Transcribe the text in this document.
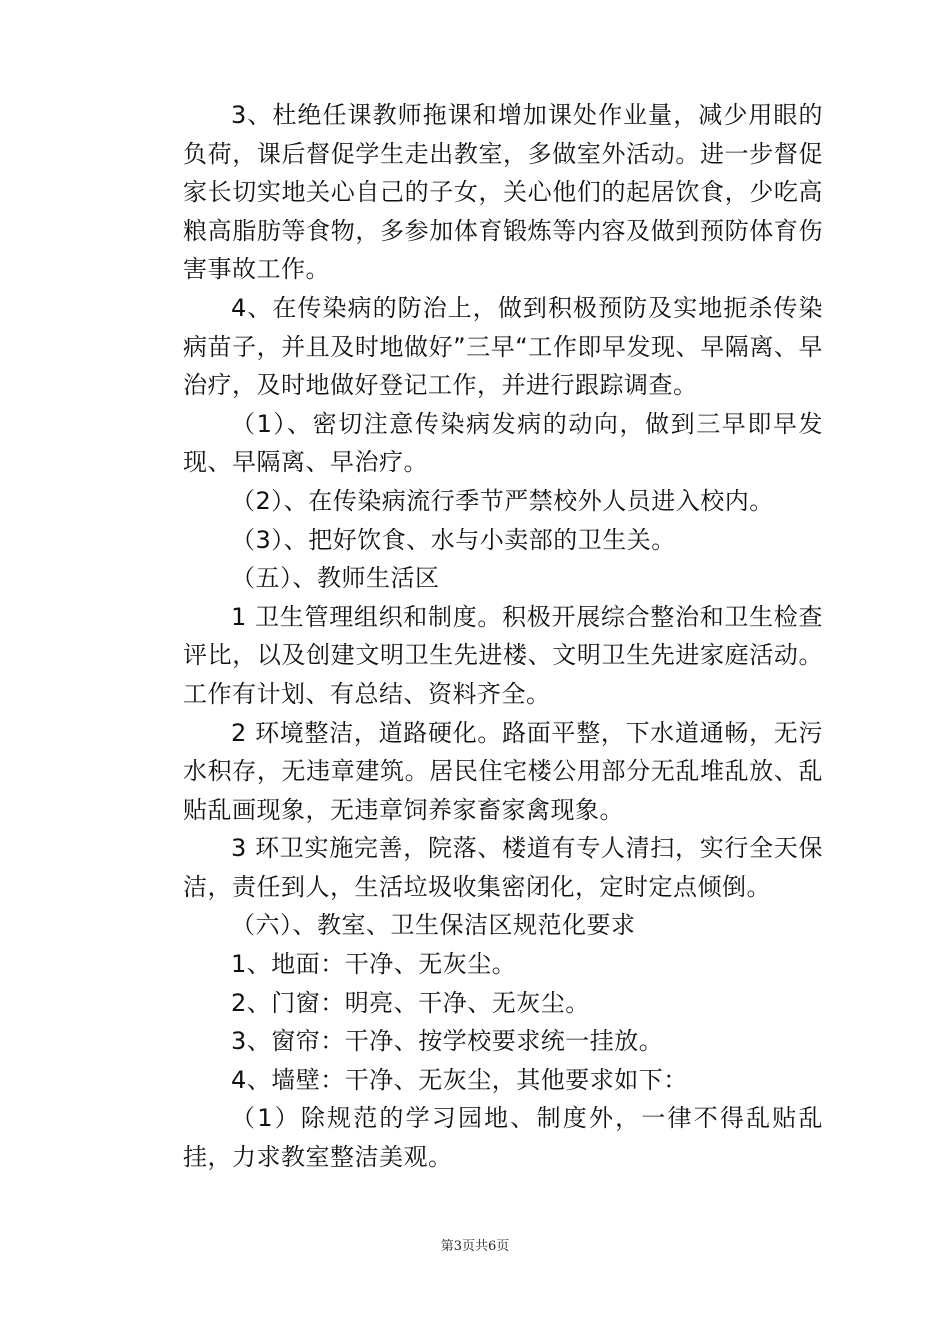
3、杜绝任课教师拖课和增加课处作业量，减少用眼的负荷，课后督促学生走出教室，多做室外活动。进一步督促家长切实地关心自己的子女，关心他们的起居饮食，少吃高粮高脂肪等食物，多参加体育锻炼等内容及做到预防体育伤害事故工作。

4、在传染病的防治上，做到积极预防及实地扼杀传染病苗子，并且及时地做好”三早“工作即早发现、早隔离、早治疗，及时地做好登记工作，并进行跟踪调查。

（1）、密切注意传染病发病的动向，做到三早即早发现、早隔离、早治疗。

（2）、在传染病流行季节严禁校外人员进入校内。

（3）、把好饮食、水与小卖部的卫生关。

（五）、教师生活区

1 卫生管理组织和制度。积极开展综合整治和卫生检查评比，以及创建文明卫生先进楼、文明卫生先进家庭活动。工作有计划、有总结、资料齐全。

2 环境整洁，道路硬化。路面平整，下水道通畅，无污水积存，无违章建筑。居民住宅楼公用部分无乱堆乱放、乱贴乱画现象，无违章饲养家畜家禽现象。

3 环卫实施完善，院落、楼道有专人清扫，实行全天保洁，责任到人，生活垃圾收集密闭化，定时定点倾倒。

（六）、教室、卫生保洁区规范化要求

1、地面：干净、无灰尘。

2、门窗：明亮、干净、无灰尘。

3、窗帘：干净、按学校要求统一挂放。

4、墙壁：干净、无灰尘，其他要求如下：

（1）除规范的学习园地、制度外，一律不得乱贴乱挂，力求教室整洁美观。

第3页共6页
